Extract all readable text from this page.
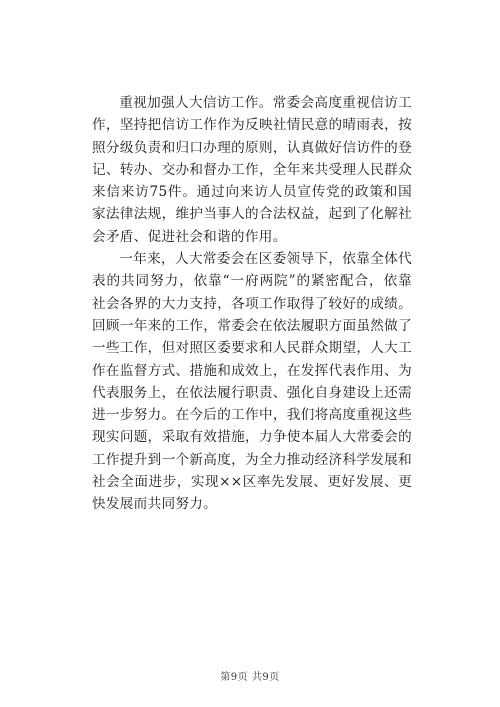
重视加强人大信访工作。常委会高度重视信访工作，坚持把信访工作作为反映社情民意的晴雨表，按照分级负责和归口办理的原则，认真做好信访件的登记、转办、交办和督办工作，全年来共受理人民群众来信来访75件。通过向来访人员宣传党的政策和国家法律法规，维护当事人的合法权益，起到了化解社会矛盾、促进社会和谐的作用。

一年来，人大常委会在区委领导下，依靠全体代表的共同努力，依靠“一府两院”的紧密配合，依靠社会各界的大力支持，各项工作取得了较好的成绩。回顾一年来的工作，常委会在依法履职方面虽然做了一些工作，但对照区委要求和人民群众期望，人大工作在监督方式、措施和成效上，在发挥代表作用、为代表服务上，在依法履行职责、强化自身建设上还需进一步努力。在今后的工作中，我们将高度重视这些现实问题，采取有效措施，力争使本届人大常委会的工作提升到一个新高度，为全力推动经济科学发展和社会全面进步，实现××区率先发展、更好发展、更快发展而共同努力。

第9页 共9页
